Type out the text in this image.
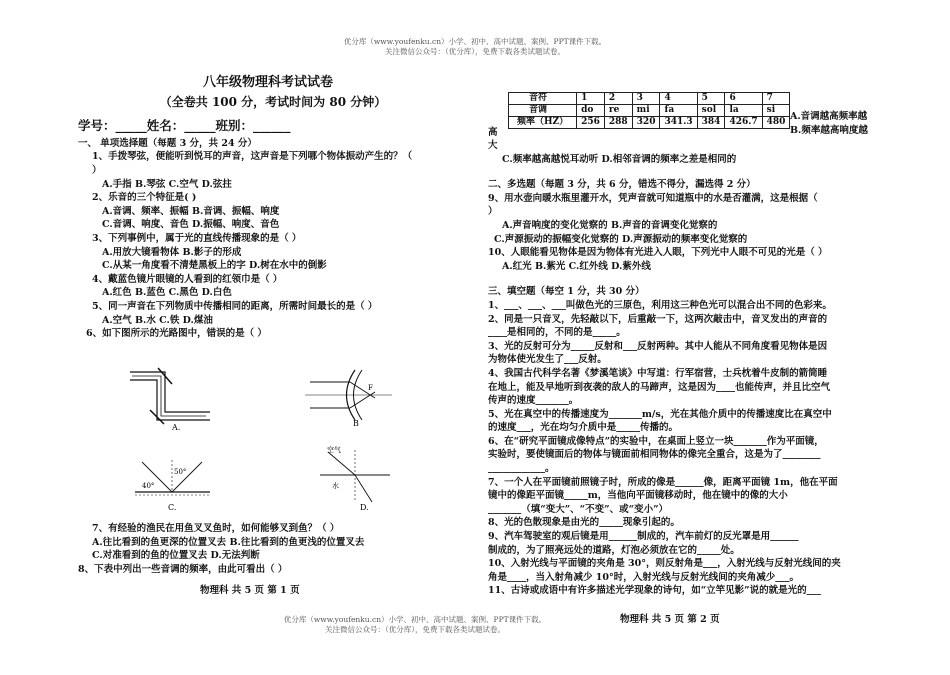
优分库（www.youfenku.cn）小学、初中、高中试题、案例、PPT课件下载。
关注微信公众号：（优分库），免费下载各类试题试卷。
八年级物理科考试试卷
（全卷共 100 分，考试时间为 80 分钟）
学号：_____姓名：_____班别：______
一、 单项选择题（每题 3 分，共 24 分）
1、手拨琴弦，便能听到悦耳的声音，这声音是下列哪个物体振动产生的？（
）
A.手指 B.琴弦 C.空气 D.弦拄
2、乐音的三个特征是( )
A.音调、频率、振幅 B.音调、振幅、响度
C.音调、响度、音色 D.振幅、响度、音色
3、下列事例中，属于光的直线传播现象的是（ ）
A.用放大镜看物体 B.影子的形成
C.从某一角度看不清楚黑板上的字 D.树在水中的倒影
4、戴蓝色镜片眼镜的人看到的红领巾是（ ）
A.红色 B.蓝色 C.黑色 D.白色
5、同一声音在下列物质中传播相同的距离，所需时间最长的是（ ）
A.空气 B.水 C.铁 D.煤油
6、如下图所示的光路图中，错误的是（ ）
A.
F
B
50°
40°
C.
空气
水
D.
7、有经验的渔民在用鱼叉叉鱼时，如何能够叉到鱼？（ ）
A.往比看到的鱼更深的位置叉去 B.往比看到的鱼更浅的位置叉去
C.对准看到的鱼的位置叉去 D.无法判断
8、下表中列出一些音调的频率，由此可看出（ ）
物理科 共 5 页 第 1 页
音符	1	2	3	4	5	6	7
音调	do	re	mi	fa	sol	la	si
频率（HZ）	256	288	320	341.3	384	426.7	480 A.音调越高频率越
B.频率越高响度越
高
大
C.频率越高越悦耳动听 D.相邻音调的频率之差是相同的
二、多选题（每题 3 分，共 6 分，错选不得分，漏选得 2 分）
9、用水壶向暖水瓶里灌开水，凭声音就可知道瓶中的水是否灌满，这是根据（
）
A.声音响度的变化觉察的 B.声音的音调变化觉察的
C.声源振动的振幅变化觉察的 D.声源振动的频率变化觉察的
10、人眼能看见物体是因为物体有光进入人眼，下列光中人眼不可见的光是（ ）
A.红光 B.紫光 C.红外线 D.紫外线
三、填空题（每空 1 分，共 30 分）
1、___、___、___叫做色光的三原色，利用这三种色光可以混合出不同的色彩来。
2、同是一只音叉，先轻敲以下，后重敲一下，这两次敲击中，音叉发出的声音的
____是相同的，不同的是_____。
3、光的反射可分为_____反射和___反射两种。其中人能从不同角度看见物体是因
为物体使光发生了___反射。
4、我国古代科学名著《梦溪笔谈》中写道：行军宿营，士兵枕着牛皮制的箭筒睡
在地上，能及早地听到夜袭的敌人的马蹄声，这是因为____也能传声，并且比空气
传声的速度_______。
5、光在真空中的传播速度为_______m/s，光在其他介质中的传播速度比在真空中
的速度___，光在均匀介质中是_____传播的。
6、在“研究平面镜成像特点”的实验中，在桌面上竖立一块_______作为平面镜，
实验时，要使镜面后的物体与镜面前相同物体的像完全重合，这是为了________
____________。
7、一个人在平面镜前照镜子时，所成的像是______像，距离平面镜 1m，他在平面
镜中的像距平面镜_____m，当他向平面镜移动时，他在镜中的像的大小
_______（填“变大”、“不变”、或“变小”）
8、光的色散现象是由光的_____现象引起的。
9、汽车驾驶室的观后镜是用______制成的，汽车前灯的反光罩是用______
制成的，为了照亮远处的道路，灯泡必须放在它的_____处。
10、入射光线与平面镜的夹角是 30°，则反射角是___，入射光线与反射光线间的夹
角是____，当入射角减少 10°时，入射光线与反射光线间的夹角减少___。
11、古诗或成语中有许多描述光学现象的诗句，如“立竿见影”说的就是光的___
优分库（www.youfenku.cn）小学、初中、高中试题、案例、PPT课件下载。
关注微信公众号：（优分库），免费下载各类试题试卷。
物理科 共 5 页 第 2 页
